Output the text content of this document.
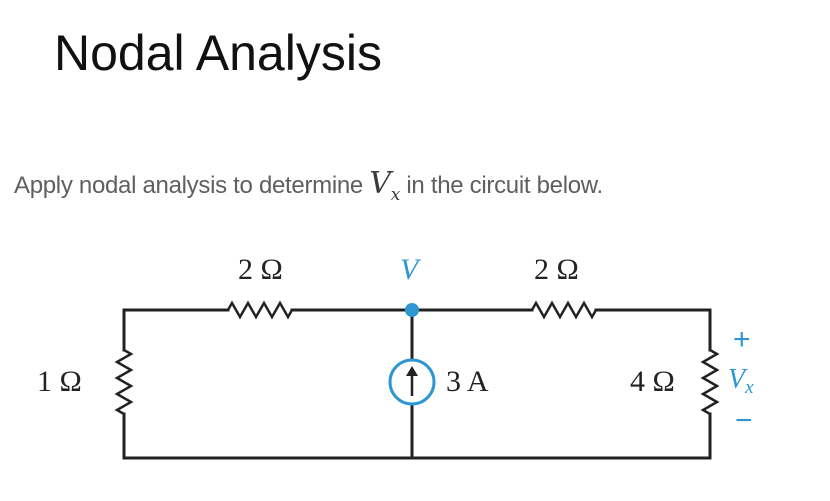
Nodal Analysis
Apply nodal analysis to determine $V_x$ in the circuit below.
2 Ω	V	2 Ω
1 Ω	3 A	4 Ω
+
Vx
−
